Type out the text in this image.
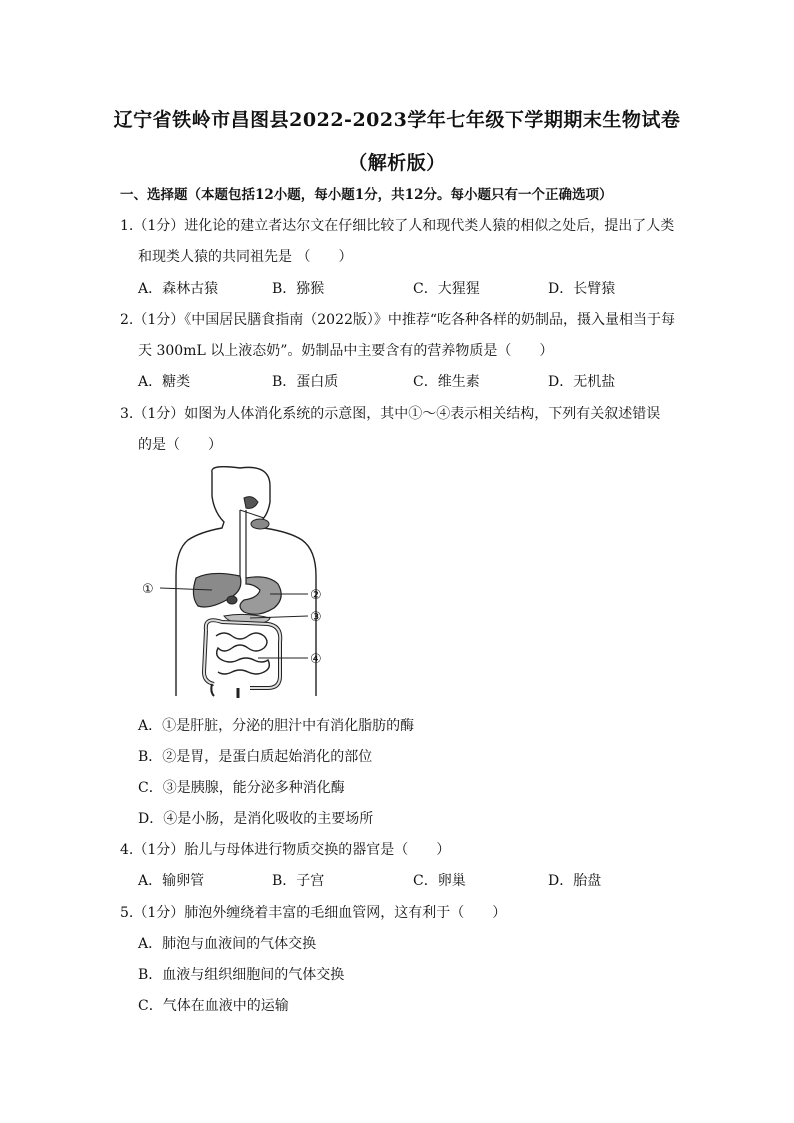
辽宁省铁岭市昌图县2022-2023学年七年级下学期期末生物试卷
（解析版）
一、选择题（本题包括12小题，每小题1分，共12分。每小题只有一个正确选项）
1.（1分）进化论的建立者达尔文在仔细比较了人和现代类人猿的相似之处后，提出了人类
和现类人猿的共同祖先是 （　　）
A．森林古猿	B．猕猴	C．大猩猩	D．长臂猿
2.（1分）《中国居民膳食指南（2022版）》中推荐“吃各种各样的奶制品，摄入量相当于每
天 300mL 以上液态奶”。奶制品中主要含有的营养物质是（　　）
A．糖类	B．蛋白质	C．维生素	D．无机盐
3.（1分）如图为人体消化系统的示意图，其中①～④表示相关结构，下列有关叙述错误
的是（　　）
①	②
③
④
A．①是肝脏，分泌的胆汁中有消化脂肪的酶
B．②是胃，是蛋白质起始消化的部位
C．③是胰腺，能分泌多种消化酶
D．④是小肠，是消化吸收的主要场所
4.（1分）胎儿与母体进行物质交换的器官是（　　）
A．输卵管	B．子宫	C．卵巢	D．胎盘
5.（1分）肺泡外缠绕着丰富的毛细血管网，这有利于（　　）
A．肺泡与血液间的气体交换
B．血液与组织细胞间的气体交换
C．气体在血液中的运输
